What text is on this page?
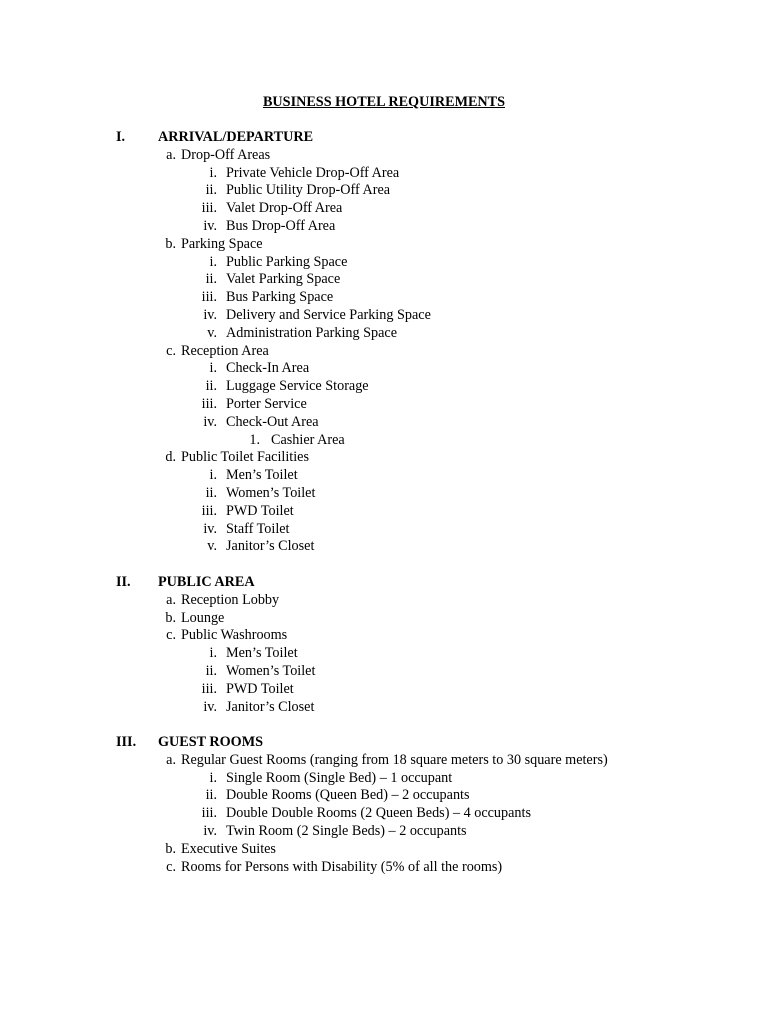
BUSINESS HOTEL REQUIREMENTS
I. ARRIVAL/DEPARTURE
a. Drop-Off Areas
i. Private Vehicle Drop-Off Area
ii. Public Utility Drop-Off Area
iii. Valet Drop-Off Area
iv. Bus Drop-Off Area
b. Parking Space
i. Public Parking Space
ii. Valet Parking Space
iii. Bus Parking Space
iv. Delivery and Service Parking Space
v. Administration Parking Space
c. Reception Area
i. Check-In Area
ii. Luggage Service Storage
iii. Porter Service
iv. Check-Out Area
1. Cashier Area
d. Public Toilet Facilities
i. Men’s Toilet
ii. Women’s Toilet
iii. PWD Toilet
iv. Staff Toilet
v. Janitor’s Closet
II. PUBLIC AREA
a. Reception Lobby
b. Lounge
c. Public Washrooms
i. Men’s Toilet
ii. Women’s Toilet
iii. PWD Toilet
iv. Janitor’s Closet
III. GUEST ROOMS
a. Regular Guest Rooms (ranging from 18 square meters to 30 square meters)
i. Single Room (Single Bed) – 1 occupant
ii. Double Rooms (Queen Bed) – 2 occupants
iii. Double Double Rooms (2 Queen Beds) – 4 occupants
iv. Twin Room (2 Single Beds) – 2 occupants
b. Executive Suites
c. Rooms for Persons with Disability (5% of all the rooms)
